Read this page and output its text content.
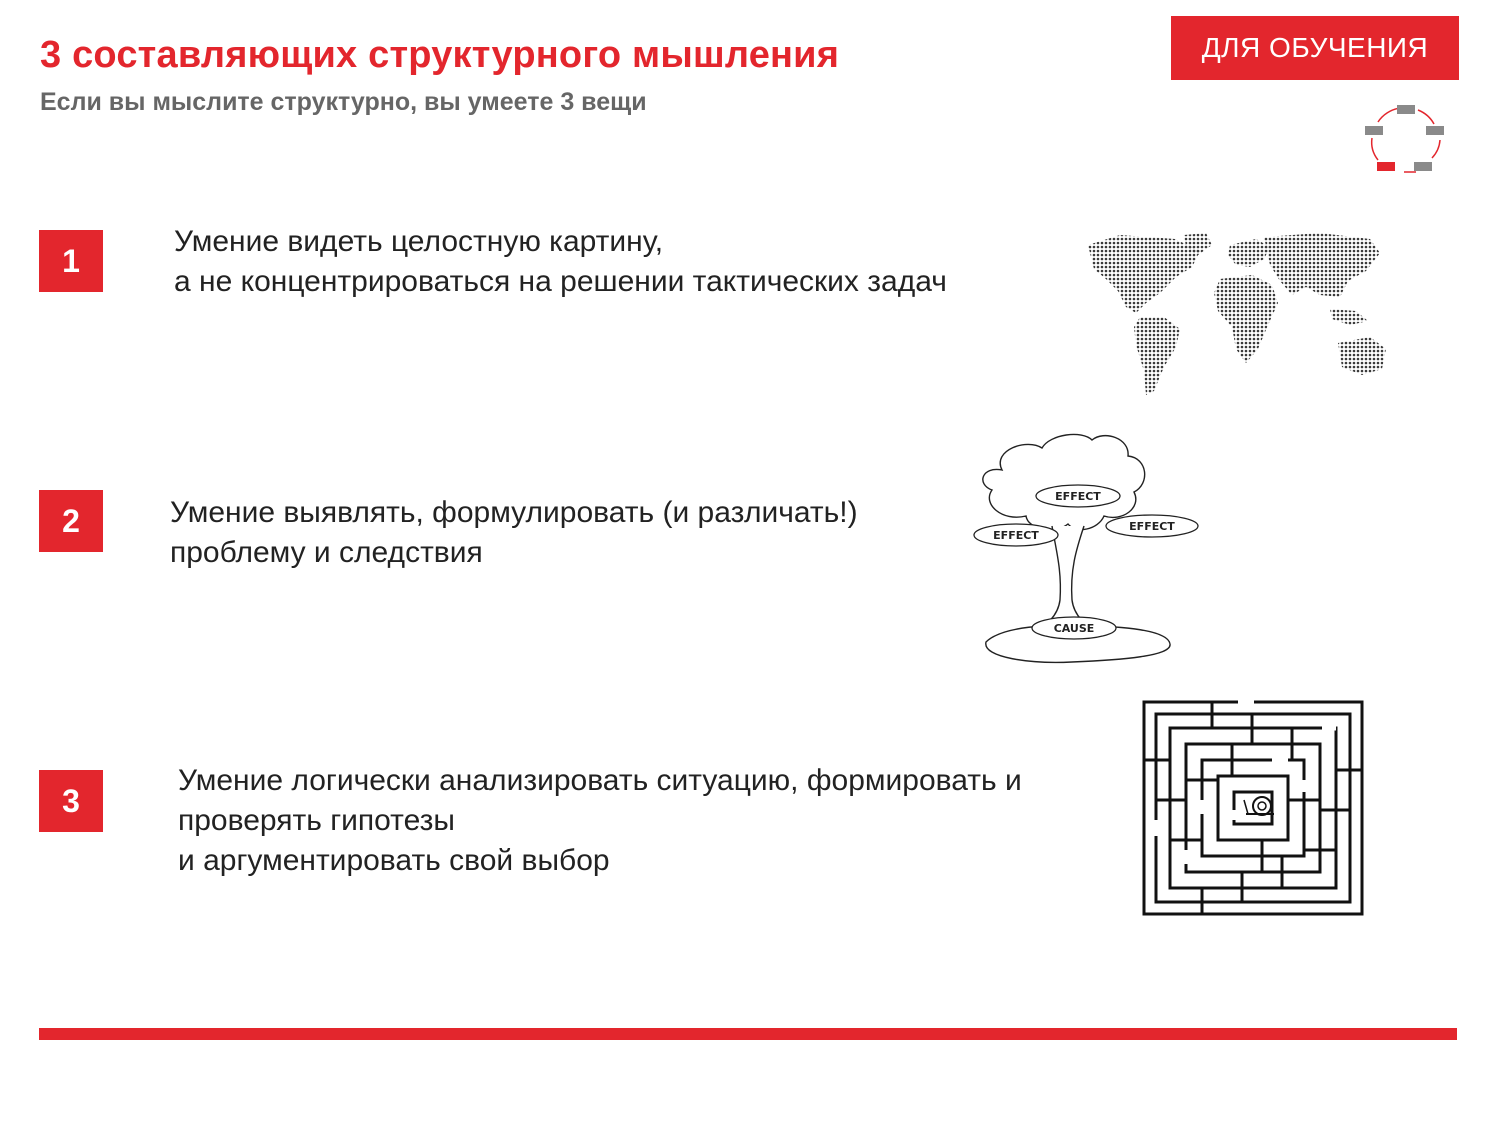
3 составляющих структурного мышления
Если вы мыслите структурно, вы умеете 3 вещи
ДЛЯ ОБУЧЕНИЯ
1
Умение видеть целостную картину,
а не концентрироваться на решении тактических задач
2	Умение выявлять, формулировать (и различать!)
проблему и следствия
EFFECT
EFFECT
EFFECT
CAUSE
3
Умение логически анализировать ситуацию, формировать и
проверять гипотезы
и аргументировать свой выбор
